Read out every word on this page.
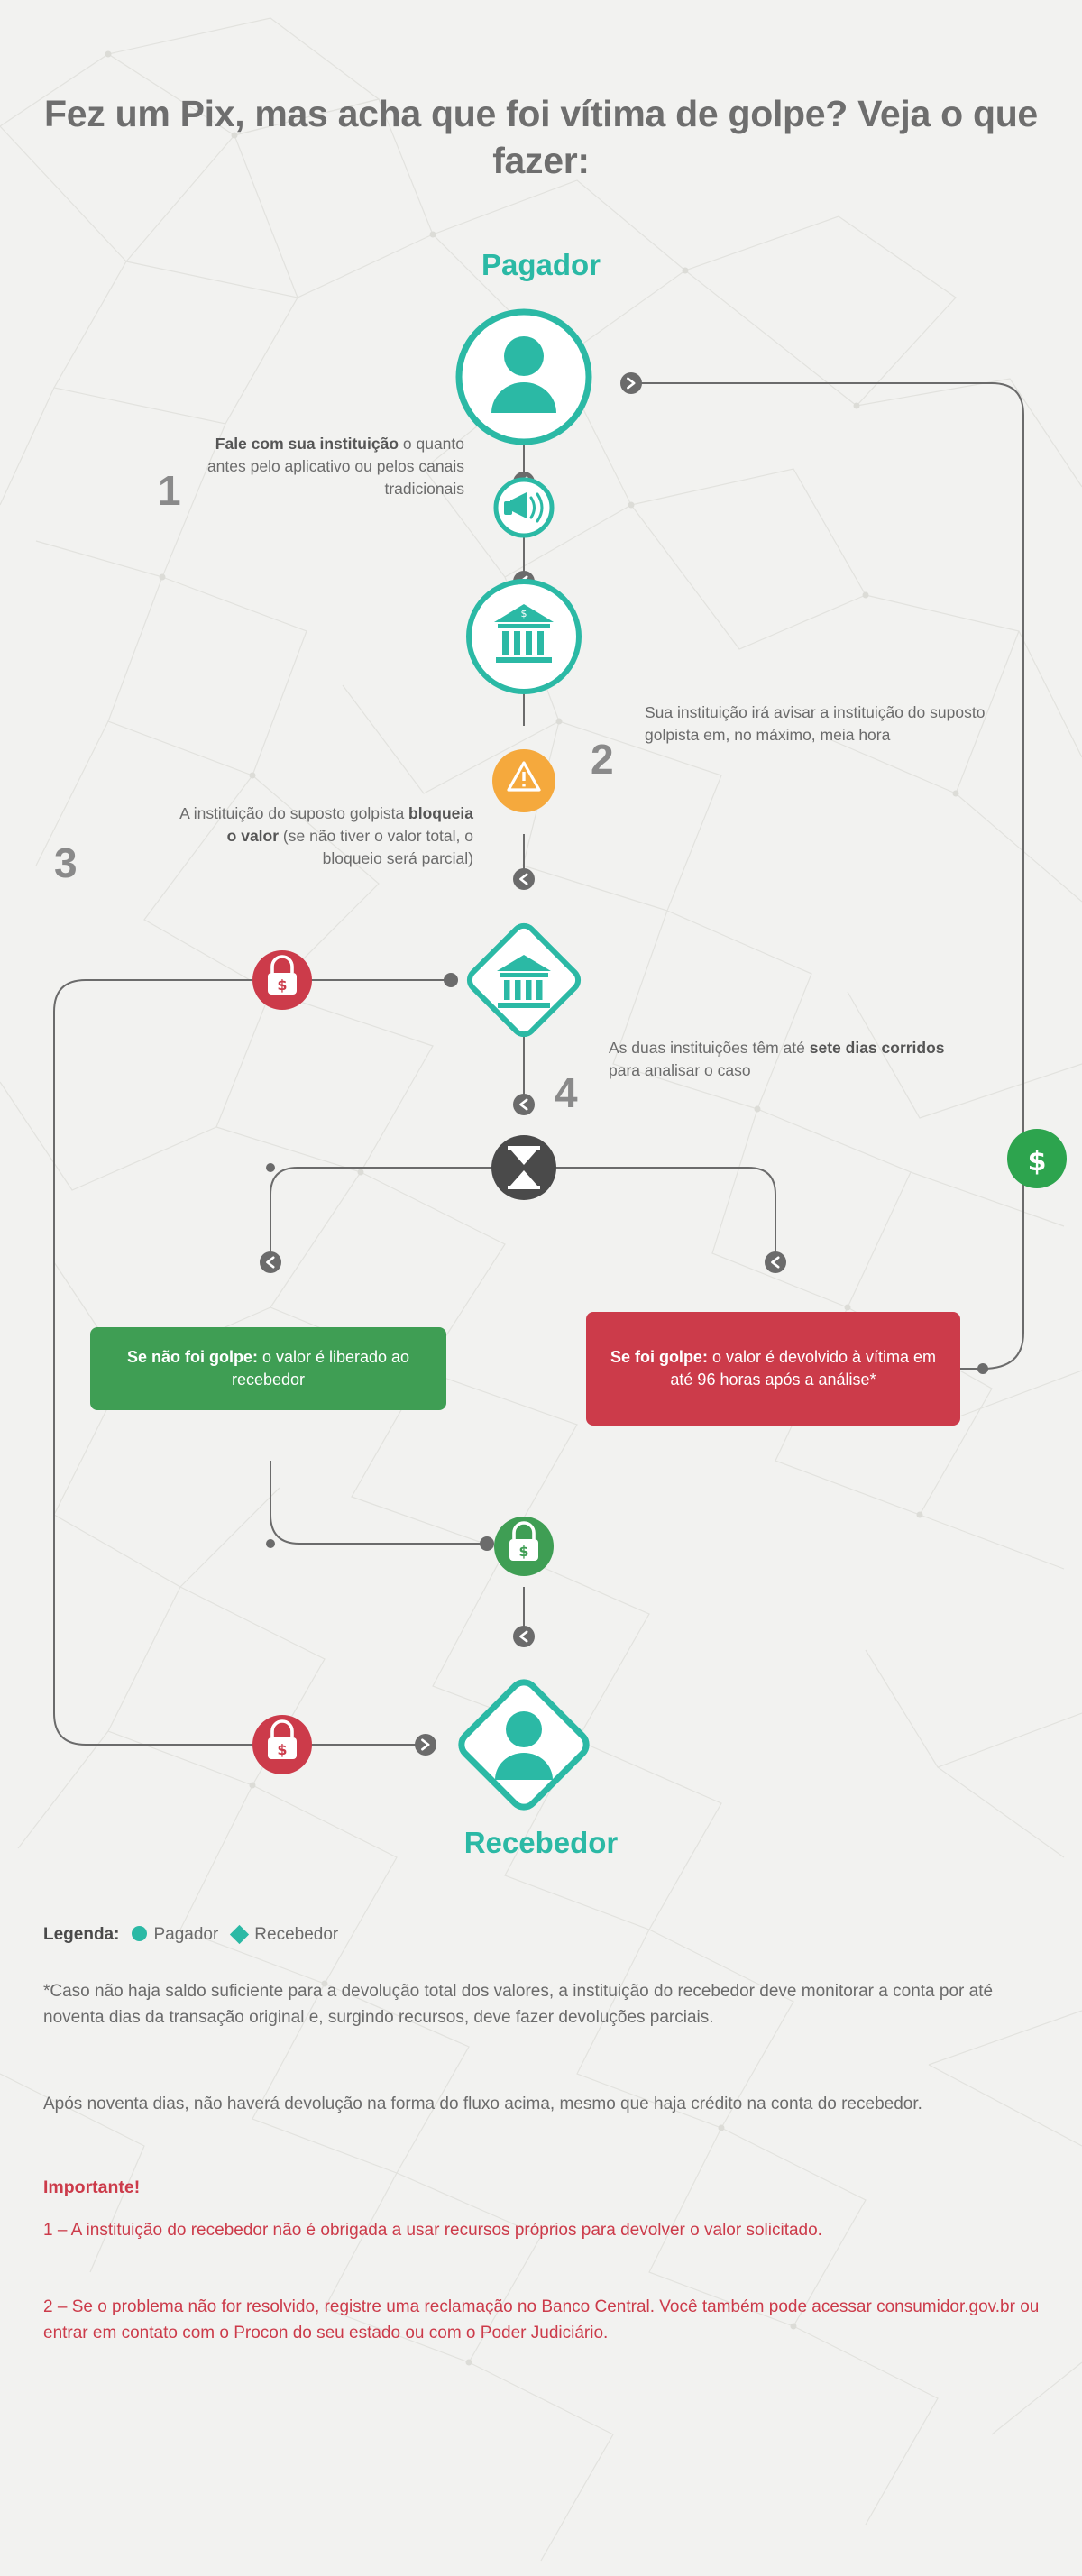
Fez um Pix, mas acha que foi vítima de golpe? Veja o que fazer:
Pagador
Recebedor
$
$
$
$
$
1
Fale com sua instituição o quanto antes pelo aplicativo ou pelos canais tradicionais
2
Sua instituição irá avisar a instituição do suposto golpista em, no máximo, meia hora
3
A instituição do suposto golpista bloqueia o valor (se não tiver o valor total, o bloqueio será parcial)
4
As duas instituições têm até sete dias corridos para analisar o caso
Se não foi golpe: o valor é liberado ao recebedor
Se foi golpe: o valor é devolvido à vítima em até 96 horas após a análise*
Legenda: Pagador Recebedor
*Caso não haja saldo suficiente para a devolução total dos valores, a instituição do recebedor deve monitorar a conta por até noventa dias da transação original e, surgindo recursos, deve fazer devoluções parciais.
Após noventa dias, não haverá devolução na forma do fluxo acima, mesmo que haja crédito na conta do recebedor.
Importante!
1 – A instituição do recebedor não é obrigada a usar recursos próprios para devolver o valor solicitado.
2 – Se o problema não for resolvido, registre uma reclamação no Banco Central. Você também pode acessar consumidor.gov.br ou entrar em contato com o Procon do seu estado ou com o Poder Judiciário.
